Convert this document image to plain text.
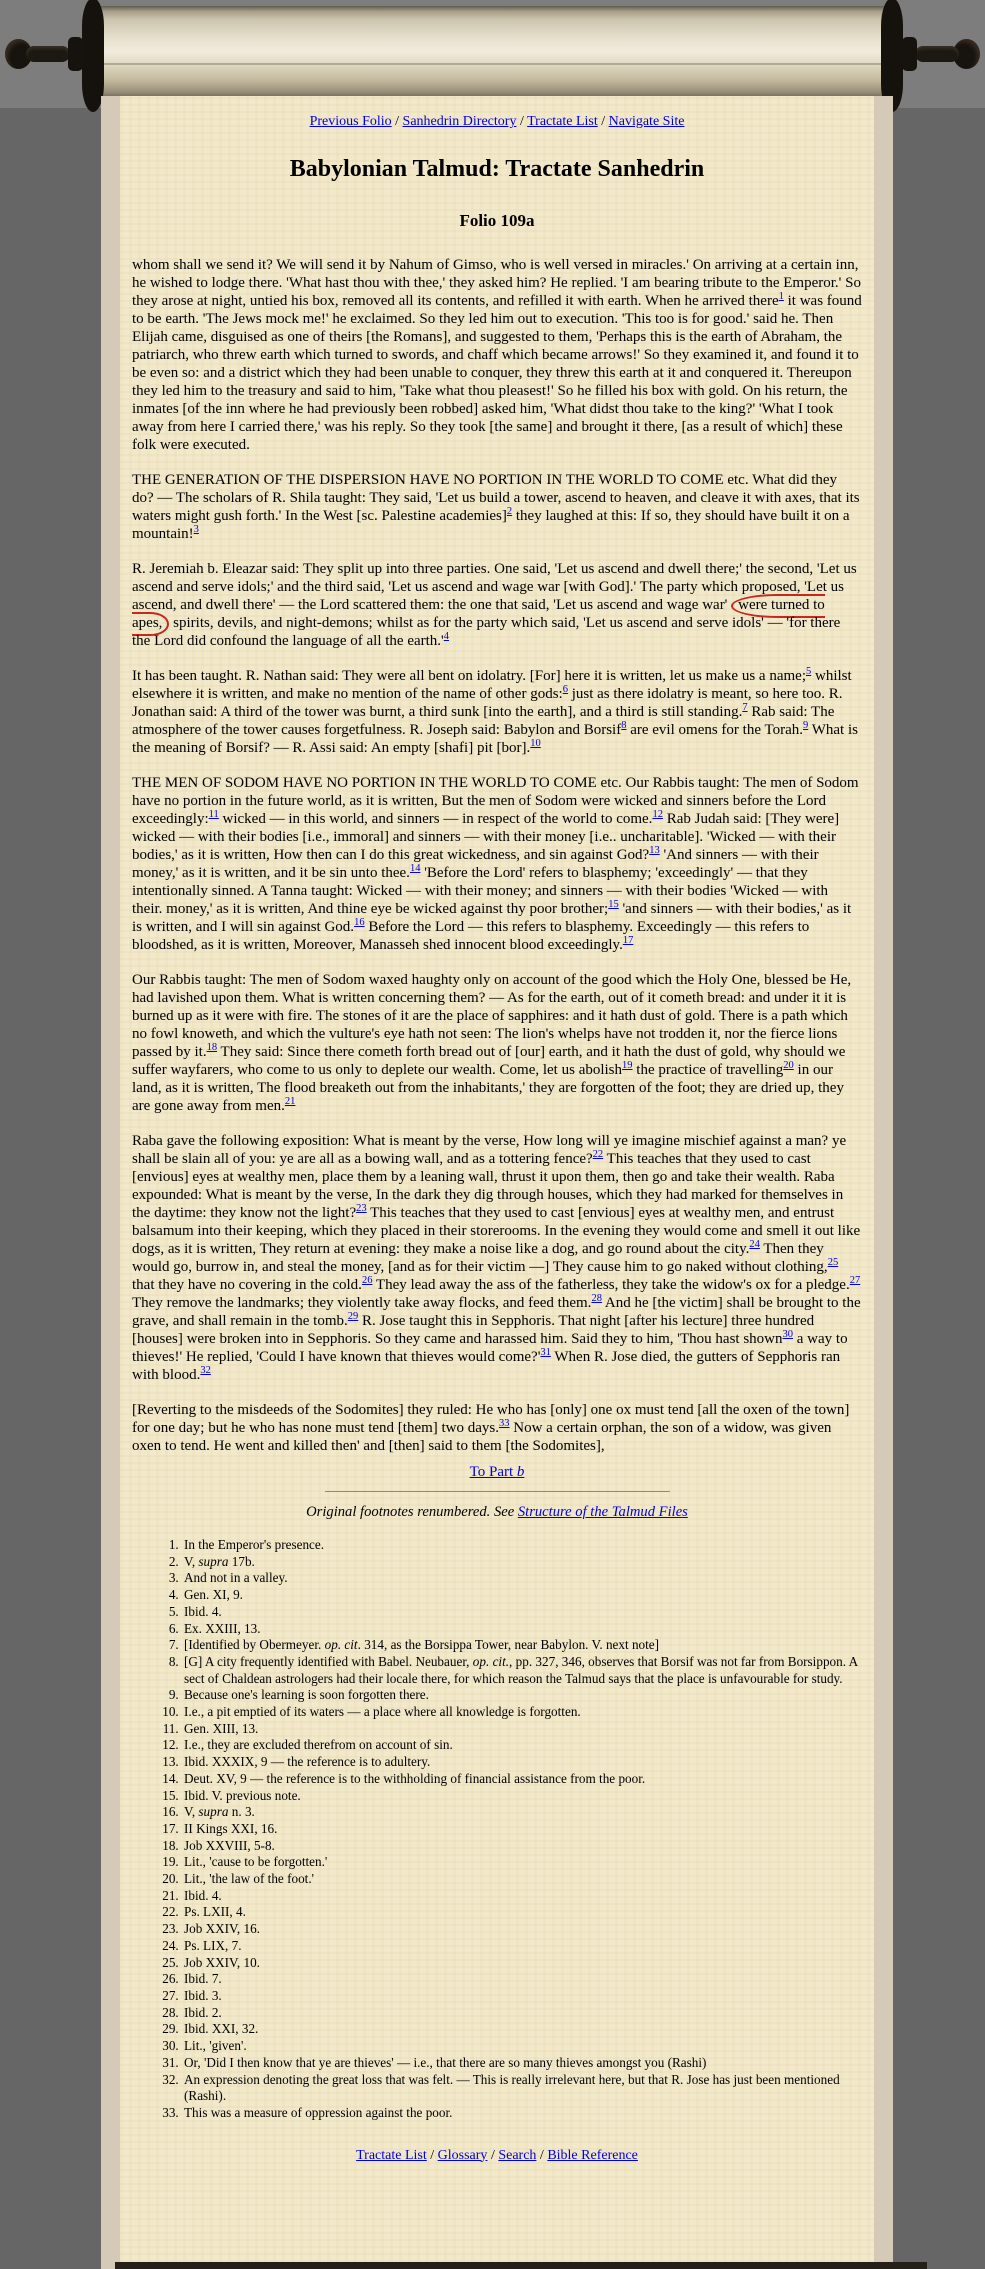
Previous Folio / Sanhedrin Directory / Tractate List / Navigate Site
Babylonian Talmud: Tractate Sanhedrin
Folio 109a

whom shall we send it? We will send it by Nahum of Gimso, who is well versed in miracles.' On arriving at a certain inn, he wished to lodge there. 'What hast thou with thee,' they asked him? He replied. 'I am bearing tribute to the Emperor.' So they arose at night, untied his box, removed all its contents, and refilled it with earth. When he arrived there$^1$ it was found to be earth. 'The Jews mock me!' he exclaimed. So they led him out to execution. 'This too is for good.' said he. Then Elijah came, disguised as one of theirs [the Romans], and suggested to them, 'Perhaps this is the earth of Abraham, the patriarch, who threw earth which turned to swords, and chaff which became arrows!' So they examined it, and found it to be even so: and a district which they had been unable to conquer, they threw this earth at it and conquered it. Thereupon they led him to the treasury and said to him, 'Take what thou pleasest!' So he filled his box with gold. On his return, the inmates [of the inn where he had previously been robbed] asked him, 'What didst thou take to the king?' 'What I took away from here I carried there,' was his reply. So they took [the same] and brought it there, [as a result of which] these folk were executed.

THE GENERATION OF THE DISPERSION HAVE NO PORTION IN THE WORLD TO COME etc. What did they do? — The scholars of R. Shila taught: They said, 'Let us build a tower, ascend to heaven, and cleave it with axes, that its waters might gush forth.' In the West [sc. Palestine academies]$^2$ they laughed at this: If so, they should have built it on a mountain!$^3$

R. Jeremiah b. Eleazar said: They split up into three parties. One said, 'Let us ascend and dwell there;' the second, 'Let us ascend and serve idols;' and the third said, 'Let us ascend and wage war [with God].' The party which proposed, 'Let us ascend, and dwell there' — the Lord scattered them: the one that said, 'Let us ascend and wage war' were turned to apes, spirits, devils, and night-demons; whilst as for the party which said, 'Let us ascend and serve idols' — 'for there the Lord did confound the language of all the earth.'$^4$

It has been taught. R. Nathan said: They were all bent on idolatry. [For] here it is written, let us make us a name;$^5$ whilst elsewhere it is written, and make no mention of the name of other gods:$^6$ just as there idolatry is meant, so here too. R. Jonathan said: A third of the tower was burnt, a third sunk [into the earth], and a third is still standing.$^7$ Rab said: The atmosphere of the tower causes forgetfulness. R. Joseph said: Babylon and Borsif$^8$ are evil omens for the Torah.$^9$ What is the meaning of Borsif? — R. Assi said: An empty [shafi] pit [bor].$^{10}$

THE MEN OF SODOM HAVE NO PORTION IN THE WORLD TO COME etc. Our Rabbis taught: The men of Sodom have no portion in the future world, as it is written, But the men of Sodom were wicked and sinners before the Lord exceedingly:$^{11}$ wicked — in this world, and sinners — in respect of the world to come.$^{12}$ Rab Judah said: [They were] wicked — with their bodies [i.e., immoral] and sinners — with their money [i.e.. uncharitable]. 'Wicked — with their bodies,' as it is written, How then can I do this great wickedness, and sin against God?$^{13}$ 'And sinners — with their money,' as it is written, and it be sin unto thee.$^{14}$ 'Before the Lord' refers to blasphemy; 'exceedingly' — that they intentionally sinned. A Tanna taught: Wicked — with their money; and sinners — with their bodies 'Wicked — with their. money,' as it is written, And thine eye be wicked against thy poor brother;$^{15}$ 'and sinners — with their bodies,' as it is written, and I will sin against God.$^{16}$ Before the Lord — this refers to blasphemy. Exceedingly — this refers to bloodshed, as it is written, Moreover, Manasseh shed innocent blood exceedingly.$^{17}$

Our Rabbis taught: The men of Sodom waxed haughty only on account of the good which the Holy One, blessed be He, had lavished upon them. What is written concerning them? — As for the earth, out of it cometh bread: and under it it is burned up as it were with fire. The stones of it are the place of sapphires: and it hath dust of gold. There is a path which no fowl knoweth, and which the vulture's eye hath not seen: The lion's whelps have not trodden it, nor the fierce lions passed by it.$^{18}$ They said: Since there cometh forth bread out of [our] earth, and it hath the dust of gold, why should we suffer wayfarers, who come to us only to deplete our wealth. Come, let us abolish$^{19}$ the practice of travelling$^{20}$ in our land, as it is written, The flood breaketh out from the inhabitants,' they are forgotten of the foot; they are dried up, they are gone away from men.$^{21}$

Raba gave the following exposition: What is meant by the verse, How long will ye imagine mischief against a man? ye shall be slain all of you: ye are all as a bowing wall, and as a tottering fence?$^{22}$ This teaches that they used to cast [envious] eyes at wealthy men, place them by a leaning wall, thrust it upon them, then go and take their wealth. Raba expounded: What is meant by the verse, In the dark they dig through houses, which they had marked for themselves in the daytime: they know not the light?$^{23}$ This teaches that they used to cast [envious] eyes at wealthy men, and entrust balsamum into their keeping, which they placed in their storerooms. In the evening they would come and smell it out like dogs, as it is written, They return at evening: they make a noise like a dog, and go round about the city.$^{24}$ Then they would go, burrow in, and steal the money, [and as for their victim —] They cause him to go naked without clothing,$^{25}$ that they have no covering in the cold.$^{26}$ They lead away the ass of the fatherless, they take the widow's ox for a pledge.$^{27}$ They remove the landmarks; they violently take away flocks, and feed them.$^{28}$ And he [the victim] shall be brought to the grave, and shall remain in the tomb.$^{29}$ R. Jose taught this in Sepphoris. That night [after his lecture] three hundred [houses] were broken into in Sepphoris. So they came and harassed him. Said they to him, 'Thou hast shown$^{30}$ a way to thieves!' He replied, 'Could I have known that thieves would come?'$^{31}$ When R. Jose died, the gutters of Sepphoris ran with blood.$^{32}$

[Reverting to the misdeeds of the Sodomites] they ruled: He who has [only] one ox must tend [all the oxen of the town] for one day; but he who has none must tend [them] two days.$^{33}$ Now a certain orphan, the son of a widow, was given oxen to tend. He went and killed then' and [then] said to them [the Sodomites],

To Part b
Original footnotes renumbered. See Structure of the Talmud Files
1. In the Emperor's presence.
2. V, supra 17b.
3. And not in a valley.
4. Gen. XI, 9.
5. Ibid. 4.
6. Ex. XXIII, 13.
7. [Identified by Obermeyer. op. cit. 314, as the Borsippa Tower, near Babylon. V. next note]
8. [G] A city frequently identified with Babel. Neubauer, op. cit., pp. 327, 346, observes that Borsif was not far from Borsippon. A sect of Chaldean astrologers had their locale there, for which reason the Talmud says that the place is unfavourable for study.
9. Because one's learning is soon forgotten there.
10. I.e., a pit emptied of its waters — a place where all knowledge is forgotten.
11. Gen. XIII, 13.
12. I.e., they are excluded therefrom on account of sin.
13. Ibid. XXXIX, 9 — the reference is to adultery.
14. Deut. XV, 9 — the reference is to the withholding of financial assistance from the poor.
15. Ibid. V. previous note.
16. V, supra n. 3.
17. II Kings XXI, 16.
18. Job XXVIII, 5-8.
19. Lit., 'cause to be forgotten.'
20. Lit., 'the law of the foot.'
21. Ibid. 4.
22. Ps. LXII, 4.
23. Job XXIV, 16.
24. Ps. LIX, 7.
25. Job XXIV, 10.
26. Ibid. 7.
27. Ibid. 3.
28. Ibid. 2.
29. Ibid. XXI, 32.
30. Lit., 'given'.
31. Or, 'Did I then know that ye are thieves' — i.e., that there are so many thieves amongst you (Rashi)
32. An expression denoting the great loss that was felt. — This is really irrelevant here, but that R. Jose has just been mentioned (Rashi).
33. This was a measure of oppression against the poor.
Tractate List / Glossary / Search / Bible Reference
